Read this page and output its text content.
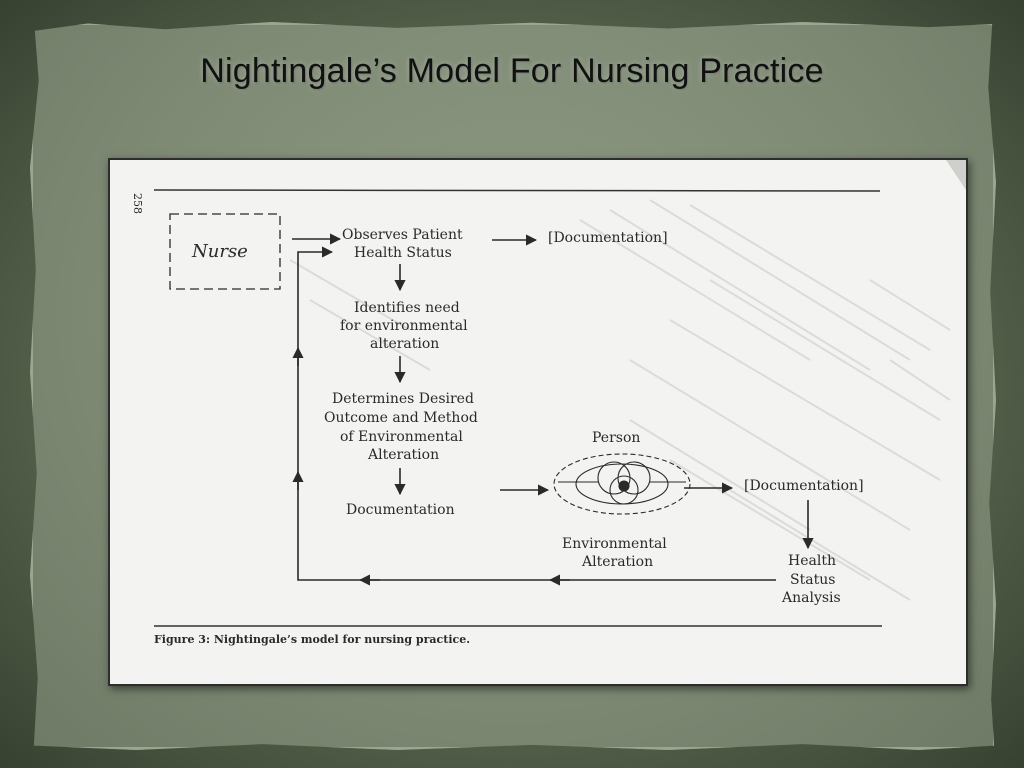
Nightingale’s Model For Nursing Practice
258
Nurse
Observes Patient
Health Status
[Documentation]
Identifies need
for environmental
alteration
Determines Desired
Outcome and Method
of Environmental
Alteration
Documentation
Person
[Documentation]
Environmental
Alteration	Health
Status
Analysis
Figure 3: Nightingale’s model for nursing practice.
